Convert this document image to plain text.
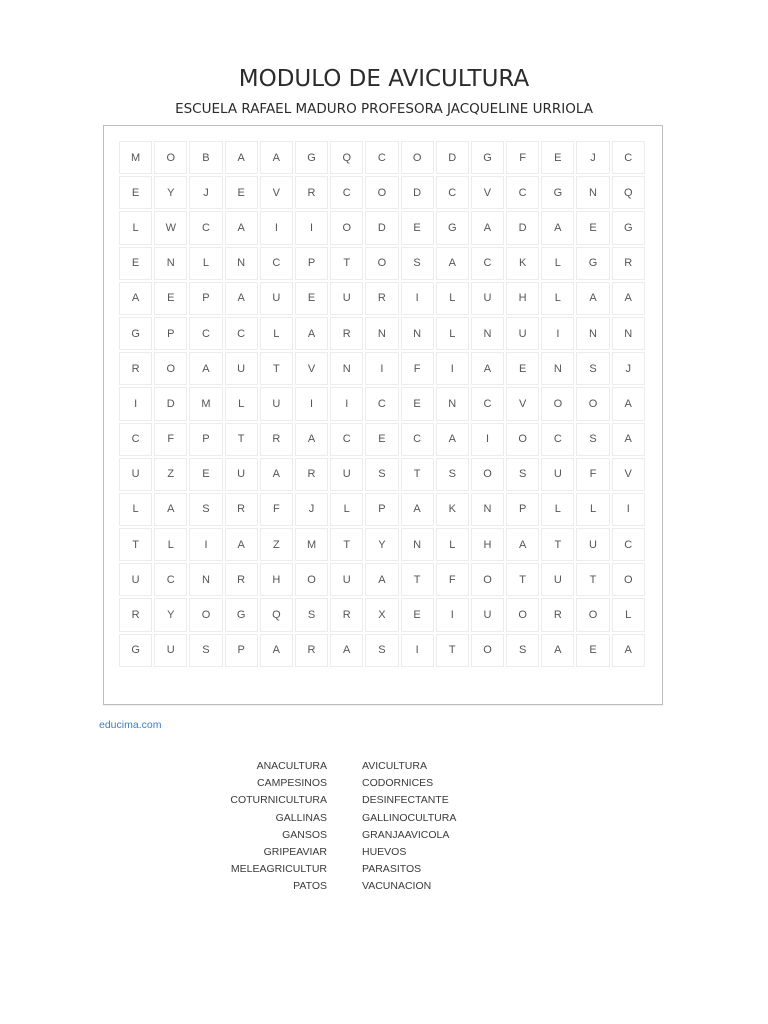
MODULO DE AVICULTURA
ESCUELA RAFAEL MADURO PROFESORA JACQUELINE URRIOLA
M	O	B	A	A	G	Q	C	O	D	G	F	E	J	C
E	Y	J	E	V	R	C	O	D	C	V	C	G	N	Q
L	W	C	A	I	I	O	D	E	G	A	D	A	E	G
E	N	L	N	C	P	T	O	S	A	C	K	L	G	R
A	E	P	A	U	E	U	R	I	L	U	H	L	A	A
G	P	C	C	L	A	R	N	N	L	N	U	I	N	N
R	O	A	U	T	V	N	I	F	I	A	E	N	S	J
I	D	M	L	U	I	I	C	E	N	C	V	O	O	A
C	F	P	T	R	A	C	E	C	A	I	O	C	S	A
U	Z	E	U	A	R	U	S	T	S	O	S	U	F	V
L	A	S	R	F	J	L	P	A	K	N	P	L	L	I
T	L	I	A	Z	M	T	Y	N	L	H	A	T	U	C
U	C	N	R	H	O	U	A	T	F	O	T	U	T	O
R	Y	O	G	Q	S	R	X	E	I	U	O	R	O	L
G	U	S	P	A	R	A	S	I	T	O	S	A	E	A
educima.com
ANACULTURA
CAMPESINOS
COTURNICULTURA
GALLINAS
GANSOS
GRIPEAVIAR
MELEAGRICULTUR
PATOS
AVICULTURA
CODORNICES
DESINFECTANTE
GALLINOCULTURA
GRANJAAVICOLA
HUEVOS
PARASITOS
VACUNACION
